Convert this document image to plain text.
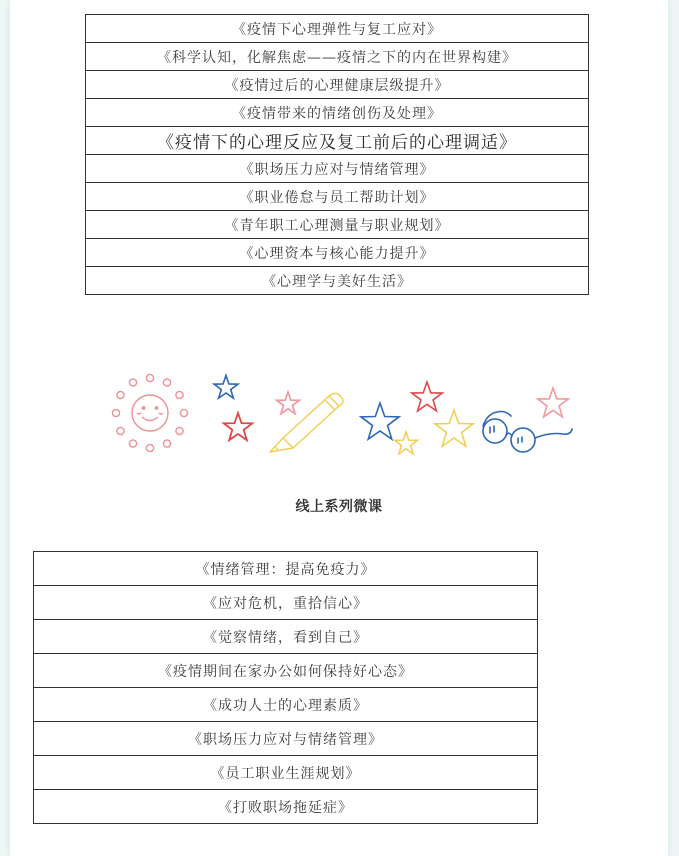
《疫情下心理弹性与复工应对》
《科学认知，化解焦虑——疫情之下的内在世界构建》
《疫情过后的心理健康层级提升》
《疫情带来的情绪创伤及处理》
《疫情下的心理反应及复工前后的心理调适》
《职场压力应对与情绪管理》
《职业倦怠与员工帮助计划》
《青年职工心理测量与职业规划》
《心理资本与核心能力提升》
《心理学与美好生活》
线上系列微课
《情绪管理：提高免疫力》
《应对危机，重拾信心》
《觉察情绪，看到自己》
《疫情期间在家办公如何保持好心态》
《成功人士的心理素质》
《职场压力应对与情绪管理》
《员工职业生涯规划》
《打败职场拖延症》
